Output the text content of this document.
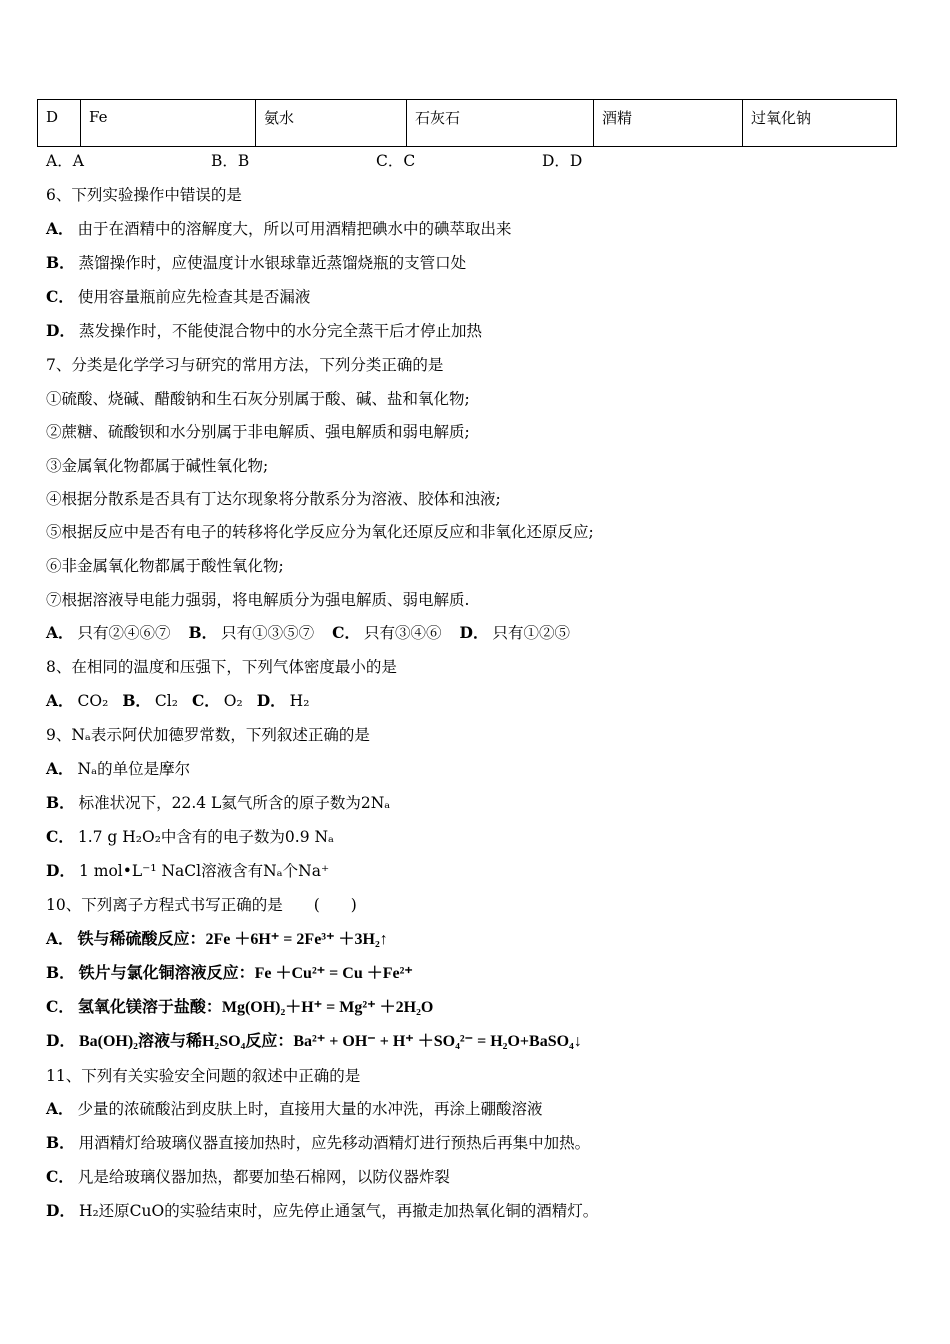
D	Fe	氨水	石灰石	酒精	过氧化钠
A．A	B．B	C．C	D．D
6、下列实验操作中错误的是
A． 由于在酒精中的溶解度大，所以可用酒精把碘水中的碘萃取出来
B． 蒸馏操作时，应使温度计水银球靠近蒸馏烧瓶的支管口处
C． 使用容量瓶前应先检查其是否漏液
D． 蒸发操作时，不能使混合物中的水分完全蒸干后才停止加热
7、分类是化学学习与研究的常用方法，下列分类正确的是
①硫酸、烧碱、醋酸钠和生石灰分别属于酸、碱、盐和氧化物;
②蔗糖、硫酸钡和水分别属于非电解质、强电解质和弱电解质;
③金属氧化物都属于碱性氧化物;
④根据分散系是否具有丁达尔现象将分散系分为溶液、胶体和浊液;
⑤根据反应中是否有电子的转移将化学反应分为氧化还原反应和非氧化还原反应;
⑥非金属氧化物都属于酸性氧化物;
⑦根据溶液导电能力强弱，将电解质分为强电解质、弱电解质.
A． 只有②④⑥⑦ B． 只有①③⑤⑦ C． 只有③④⑥ D． 只有①②⑤
8、在相同的温度和压强下，下列气体密度最小的是
A． CO₂ B． Cl₂ C． O₂ D． H₂
9、Nₐ表示阿伏加德罗常数，下列叙述正确的是
A． Nₐ的单位是摩尔
B． 标准状况下，22.4 L氦气所含的原子数为2Nₐ
C． 1.7 g H₂O₂中含有的电子数为0.9 Nₐ
D． 1 mol•L⁻¹ NaCl溶液含有Nₐ个Na⁺
10、下列离子方程式书写正确的是　　(　　)
A． 铁与稀硫酸反应：2Fe ＋6H⁺ = 2Fe³⁺ ＋3H₂↑
B． 铁片与氯化铜溶液反应：Fe ＋Cu²⁺ = Cu ＋Fe²⁺
C． 氢氧化镁溶于盐酸：Mg(OH)₂＋H⁺ = Mg²⁺ ＋2H₂O
D． Ba(OH)₂溶液与稀H₂SO₄反应：Ba²⁺ + OH⁻ + H⁺ ＋SO₄²⁻ = H₂O+BaSO₄↓
11、下列有关实验安全问题的叙述中正确的是
A． 少量的浓硫酸沾到皮肤上时，直接用大量的水冲洗，再涂上硼酸溶液
B． 用酒精灯给玻璃仪器直接加热时，应先移动酒精灯进行预热后再集中加热。
C． 凡是给玻璃仪器加热，都要加垫石棉网，以防仪器炸裂
D． H₂还原CuO的实验结束时，应先停止通氢气，再撤走加热氧化铜的酒精灯。
